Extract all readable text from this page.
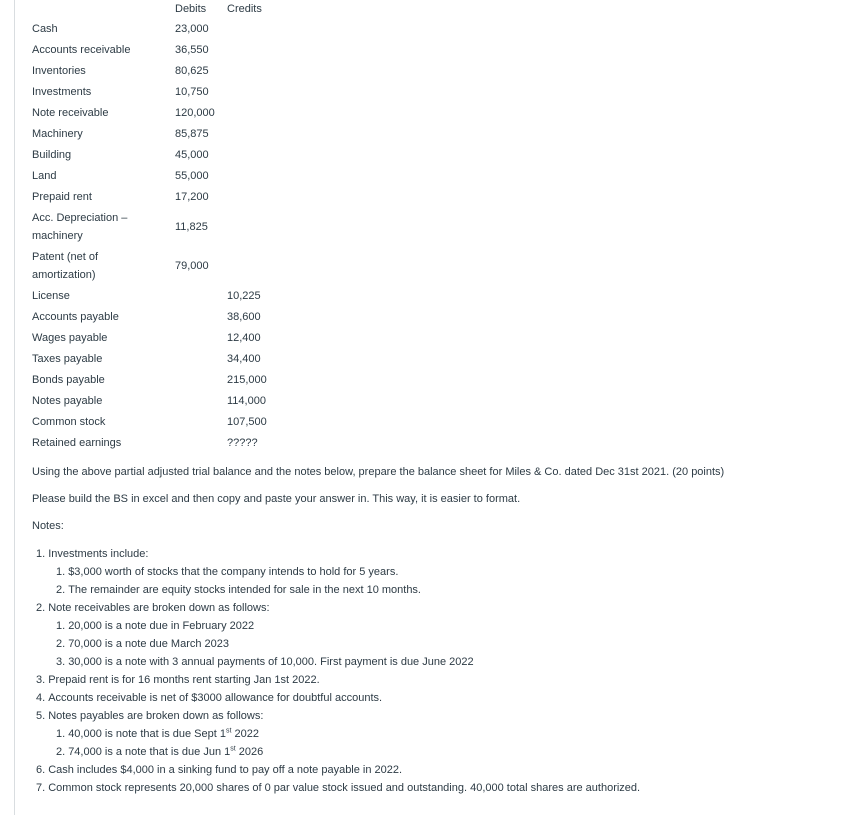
	Debits	Credits
Cash	23,000	
Accounts receivable	36,550	
Inventories	80,625	
Investments	10,750	
Note receivable	120,000	
Machinery	85,875	
Building	45,000	
Land	55,000	
Prepaid rent	17,200	

Acc. Depreciation – machinery	11,825	

Patent (net of amortization)	79,000	
License		10,225
Accounts payable		38,600
Wages payable		12,400
Taxes payable		34,400
Bonds payable		215,000
Notes payable		114,000
Common stock		107,500
Retained earnings		?????

Using the above partial adjusted trial balance and the notes below, prepare the balance sheet for Miles & Co. dated Dec 31st 2021. (20 points)

Please build the BS in excel and then copy and paste your answer in. This way, it is easier to format.

Notes:

1. Investments include:
1. $3,000 worth of stocks that the company intends to hold for 5 years.
2. The remainder are equity stocks intended for sale in the next 10 months.
2. Note receivables are broken down as follows:
1. 20,000 is a note due in February 2022
2. 70,000 is a note due March 2023
3. 30,000 is a note with 3 annual payments of 10,000. First payment is due June 2022
3. Prepaid rent is for 16 months rent starting Jan 1st 2022.
4. Accounts receivable is net of $3000 allowance for doubtful accounts.
5. Notes payables are broken down as follows:
1. 40,000 is note that is due Sept 1st 2022
2. 74,000 is a note that is due Jun 1st 2026
6. Cash includes $4,000 in a sinking fund to pay off a note payable in 2022.
7. Common stock represents 20,000 shares of 0 par value stock issued and outstanding. 40,000 total shares are authorized.
